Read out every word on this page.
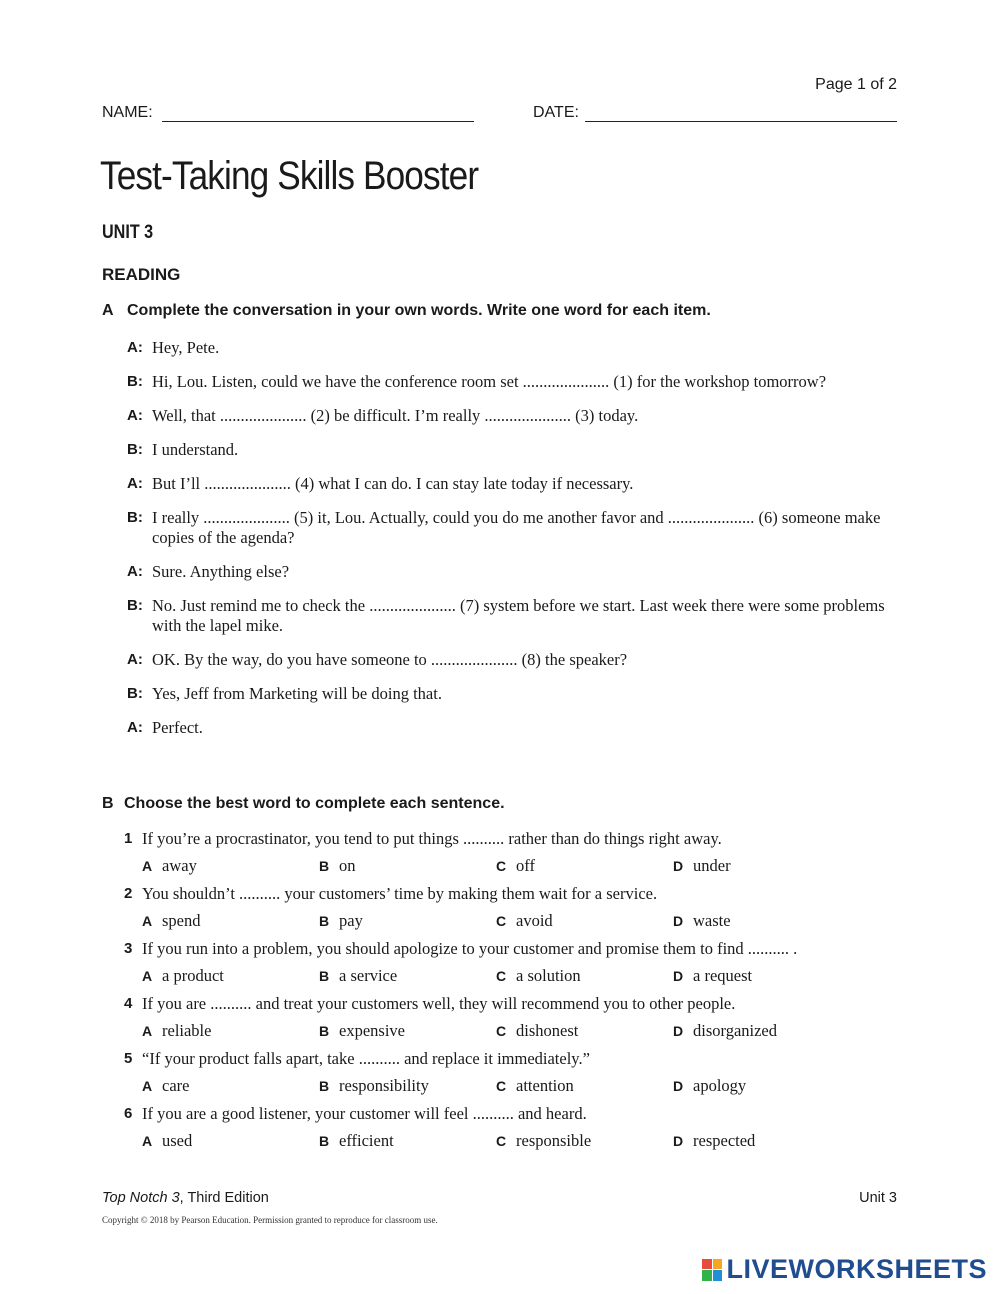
Page 1 of 2
NAME:	DATE:
Test-Taking Skills Booster
UNIT 3
READING
A Complete the conversation in your own words. Write one word for each item.
A: Hey, Pete.
B: Hi, Lou. Listen, could we have the conference room set ..................... (1) for the workshop tomorrow?
A: Well, that ..................... (2) be difficult. I’m really ..................... (3) today.
B: I understand.
A: But I’ll ..................... (4) what I can do. I can stay late today if necessary.
B: I really ..................... (5) it, Lou. Actually, could you do me another favor and ..................... (6) someone make copies of the agenda?
A: Sure. Anything else?
B: No. Just remind me to check the ..................... (7) system before we start. Last week there were some problems with the lapel mike.
A: OK. By the way, do you have someone to ..................... (8) the speaker?
B: Yes, Jeff from Marketing will be doing that.
A: Perfect.
B Choose the best word to complete each sentence.
1 If you’re a procrastinator, you tend to put things .......... rather than do things right away.
A away	B on	C off	D under
2 You shouldn’t .......... your customers’ time by making them wait for a service.
A spend	B pay	C avoid	D waste
3 If you run into a problem, you should apologize to your customer and promise them to find .......... .
A a product	B a service	C a solution	D a request
4 If you are .......... and treat your customers well, they will recommend you to other people.
A reliable	B expensive	C dishonest	D disorganized
5 “If your product falls apart, take .......... and replace it immediately.”
A care	B responsibility	C attention	D apology
6 If you are a good listener, your customer will feel .......... and heard.
A used	B efficient	C responsible	D respected
Top Notch 3, Third Edition	Unit 3
Copyright © 2018 by Pearson Education. Permission granted to reproduce for classroom use.
LIVEWORKSHEETS
